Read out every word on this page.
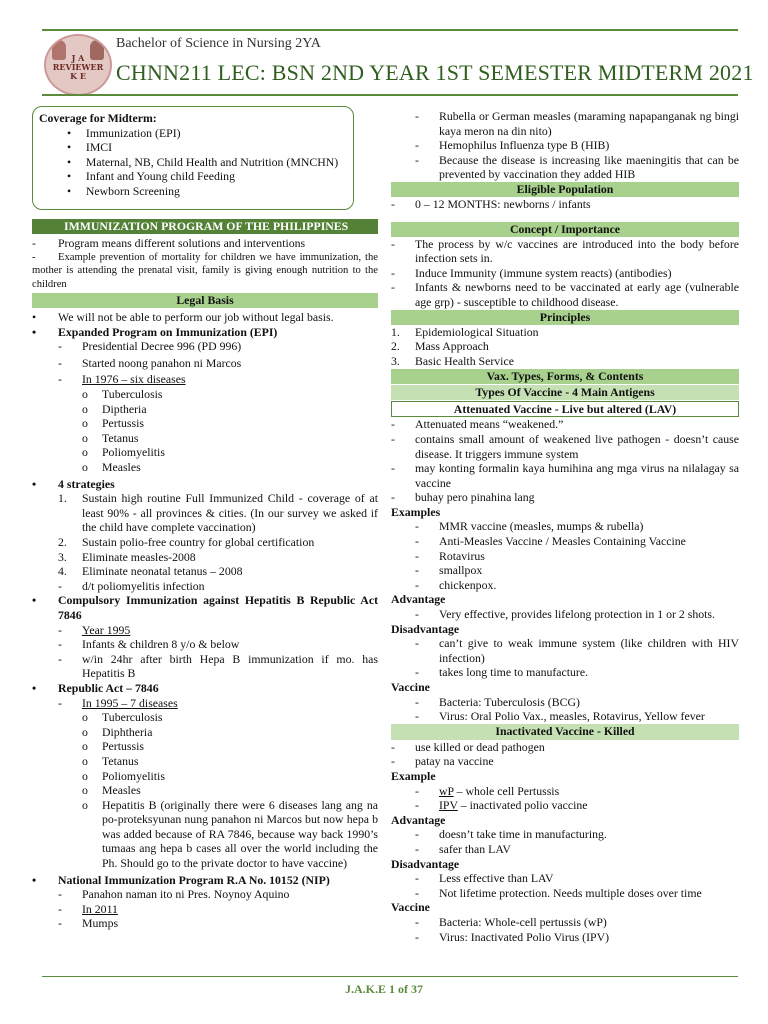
J A
REVIEWER
K E
Bachelor of Science in Nursing 2YA
CHNN211 LEC: BSN 2ND YEAR 1ST SEMESTER MIDTERM 2021
Coverage for Midterm:
•     Immunization (EPI)
•     IMCI
•     Maternal, NB, Child Health and Nutrition (MNCHN)
•     Infant and Young child Feeding
•     Newborn Screening
IMMUNIZATION PROGRAM OF THE PHILIPPINES
-	Program means different solutions and interventions
-	Example prevention of mortality for children we have immunization, the mother is attending the prenatal visit, family is giving enough nutrition to the children
Legal Basis
•	We will not be able to perform our job without legal basis.
•	Expanded Program on Immunization (EPI)
-	Presidential Decree 996 (PD 996)
-	Started noong panahon ni Marcos
-	In 1976 – six diseases
o	Tuberculosis
o	Diptheria
o	Pertussis
o	Tetanus
o	Poliomyelitis
o	Measles
•	4 strategies
1.	Sustain high routine Full Immunized Child - coverage of at least 90% - all provinces & cities. (In our survey we asked if the child have complete vaccination)
2.	Sustain polio-free country for global certification
3.	Eliminate measles-2008
4.	Eliminate neonatal tetanus – 2008
-	d/t poliomyelitis infection
•	Compulsory Immunization against Hepatitis B Republic Act 7846
-	Year 1995
-	Infants & children 8 y/o & below
-	w/in 24hr after birth Hepa B immunization if mo. has Hepatitis B
•	Republic Act – 7846
-	In 1995 – 7 diseases
o	Tuberculosis
o	Diphtheria
o	Pertussis
o	Tetanus
o	Poliomyelitis
o	Measles
o	Hepatitis B (originally there were 6 diseases lang ang na po-proteksyunan nung panahon ni Marcos but now hepa b was added because of RA 7846, because way back 1990’s tumaas ang hepa b cases all over the world including the Ph. Should go to the private doctor to have vaccine)
•	National Immunization Program R.A No. 10152 (NIP)
-	Panahon naman ito ni Pres. Noynoy Aquino
-	In 2011
-	Mumps
-	Rubella or German measles (maraming napapanganak ng bingi kaya meron na din nito)
-	Hemophilus Influenza type B (HIB)
-	Because the disease is increasing like maeningitis that can be prevented by vaccination they added HIB
Eligible Population
-	0 – 12 MONTHS: newborns / infants
Concept / Importance
-	The process by w/c vaccines are introduced into the body before infection sets in.
-	Induce Immunity (immune system reacts) (antibodies)
-	Infants & newborns need to be vaccinated at early age (vulnerable age grp) - susceptible to childhood disease.
Principles
1.	Epidemiological Situation
2.	Mass Approach
3.	Basic Health Service
Vax. Types, Forms, & Contents
Types Of Vaccine - 4 Main Antigens
Attenuated Vaccine - Live but altered (LAV)
-	Attenuated means “weakened.”
-	contains small amount of weakened live pathogen - doesn’t cause disease. It triggers immune system
-	may konting formalin kaya humihina ang mga virus na nilalagay sa vaccine
-	buhay pero pinahina lang
Examples
-	MMR vaccine (measles, mumps & rubella)
-	Anti-Measles Vaccine / Measles Containing Vaccine
-	Rotavirus
-	smallpox
-	chickenpox.
Advantage
-	Very effective, provides lifelong protection in 1 or 2 shots.
Disadvantage
-	can’t give to weak immune system (like children with HIV infection)
-	takes long time to manufacture.
Vaccine
-	Bacteria: Tuberculosis (BCG)
-	Virus: Oral Polio Vax., measles, Rotavirus, Yellow fever
Inactivated Vaccine - Killed
-	use killed or dead pathogen
-	patay na vaccine
Example
-	wP – whole cell Pertussis
-	IPV – inactivated polio vaccine
Advantage
-	doesn’t take time in manufacturing.
-	safer than LAV
Disadvantage
-	Less effective than LAV
-	Not lifetime protection. Needs multiple doses over time
Vaccine
-	Bacteria: Whole-cell pertussis (wP)
-	Virus: Inactivated Polio Virus (IPV)
J.A.K.E 1 of 37
